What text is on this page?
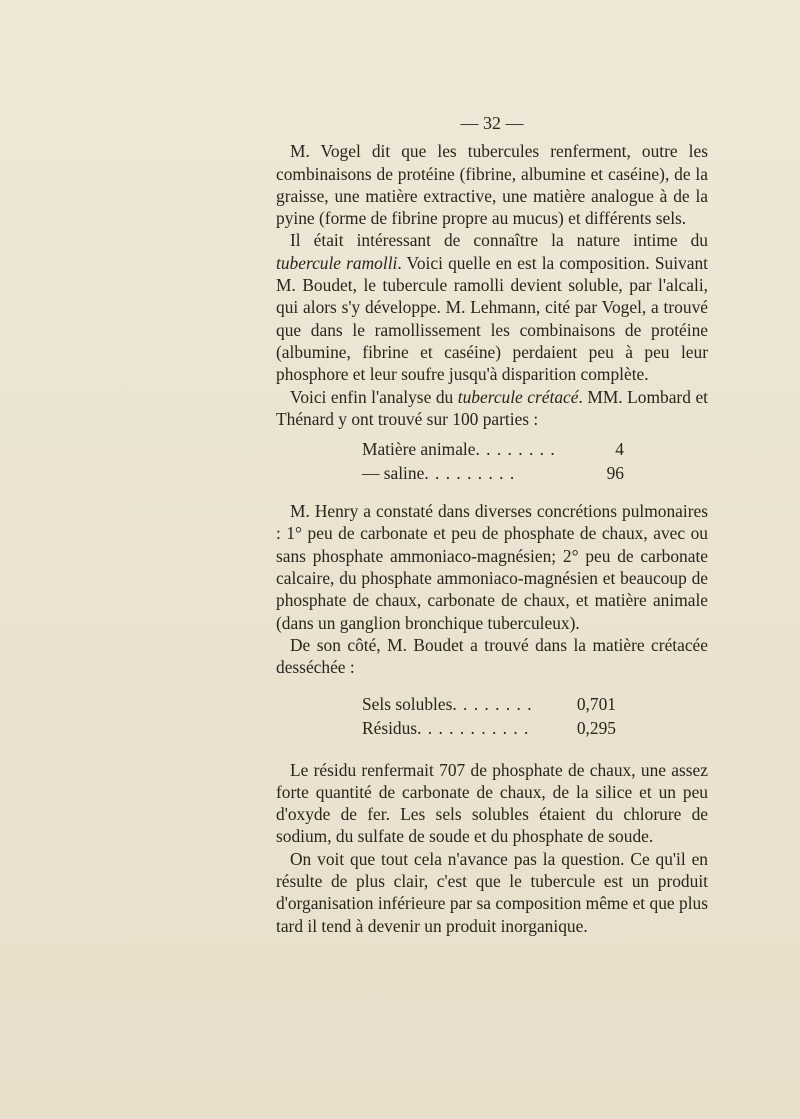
— 32 —

M. Vogel dit que les tubercules renferment, outre les combinaisons de protéine (fibrine, albumine et caséine), de la graisse, une matière extractive, une matière analogue à de la pyine (forme de fibrine propre au mucus) et différents sels.

Il était intéressant de connaître la nature intime du tubercule ramolli. Voici quelle en est la composition. Suivant M. Boudet, le tubercule ramolli devient soluble, par l'alcali, qui alors s'y développe. M. Lehmann, cité par Vogel, a trouvé que dans le ramollissement les combinaisons de protéine (albumine, fibrine et caséine) perdaient peu à peu leur phosphore et leur soufre jusqu'à disparition complète.

Voici enfin l'analyse du tubercule crétacé. MM. Lombard et Thénard y ont trouvé sur 100 parties :

Matière animale . . . . . . . .	4
— saline . . . . . . . . .	96

M. Henry a constaté dans diverses concrétions pulmonaires : 1° peu de carbonate et peu de phosphate de chaux, avec ou sans phosphate ammoniaco-magnésien; 2° peu de carbonate calcaire, du phosphate ammoniaco-magnésien et beaucoup de phosphate de chaux, carbonate de chaux, et matière animale (dans un ganglion bronchique tuberculeux).

De son côté, M. Boudet a trouvé dans la matière crétacée desséchée :

Sels solubles . . . . . . . .	0,701
Résidus . . . . . . . . . . .	0,295

Le résidu renfermait 707 de phosphate de chaux, une assez forte quantité de carbonate de chaux, de la silice et un peu d'oxyde de fer. Les sels solubles étaient du chlorure de sodium, du sulfate de soude et du phosphate de soude.

On voit que tout cela n'avance pas la question. Ce qu'il en résulte de plus clair, c'est que le tubercule est un produit d'organisation inférieure par sa composition même et que plus tard il tend à devenir un produit inorganique.
